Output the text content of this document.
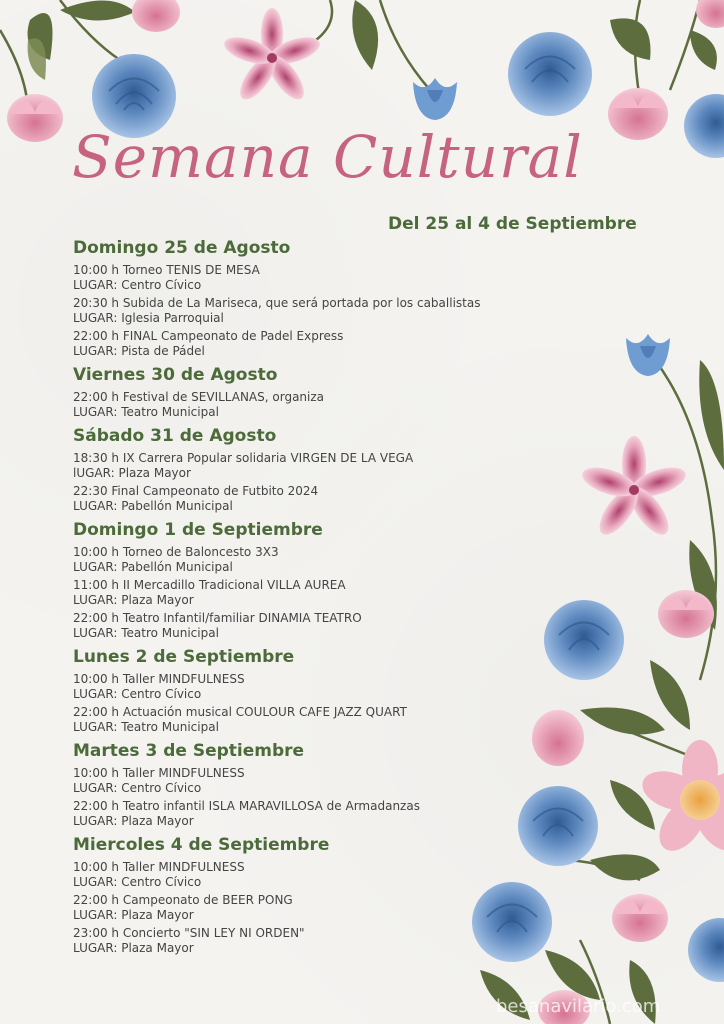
Semana Cultural
Del 25 al 4 de Septiembre
Domingo 25 de Agosto
10:00 h Torneo TENIS DE MESA
LUGAR: Centro Cívico
20:30 h Subida de La Mariseca, que será portada por los caballistas
LUGAR: Iglesia Parroquial
22:00 h FINAL Campeonato de Padel Express
LUGAR: Pista de Pádel
Viernes 30 de Agosto
22:00 h Festival de SEVILLANAS, organiza
LUGAR: Teatro Municipal
Sábado 31 de Agosto
18:30 h IX Carrera Popular solidaria VIRGEN DE LA VEGA
lUGAR: Plaza Mayor
22:30 Final Campeonato de Futbito 2024
LUGAR: Pabellón Municipal
Domingo 1 de Septiembre
10:00 h Torneo de Baloncesto 3X3
LUGAR: Pabellón Municipal
11:00 h II Mercadillo Tradicional VILLA AUREA
LUGAR: Plaza Mayor
22:00 h Teatro Infantil/familiar DINAMIA TEATRO
LUGAR: Teatro Municipal
Lunes 2 de Septiembre
10:00 h Taller MINDFULNESS
LUGAR: Centro Cívico
22:00 h Actuación musical COULOUR CAFE JAZZ QUART
LUGAR: Teatro Municipal
Martes 3 de Septiembre
10:00 h Taller MINDFULNESS
LUGAR: Centro Cívico
22:00 h Teatro infantil ISLA MARAVILLOSA de Armadanzas
LUGAR: Plaza Mayor
Miercoles 4 de Septiembre
10:00 h Taller MINDFULNESS
LUGAR: Centro Cívico
22:00 h Campeonato de BEER PONG
LUGAR: Plaza Mayor
23:00 h Concierto "SIN LEY NI ORDEN"
LUGAR: Plaza Mayor
besanavilario.com
